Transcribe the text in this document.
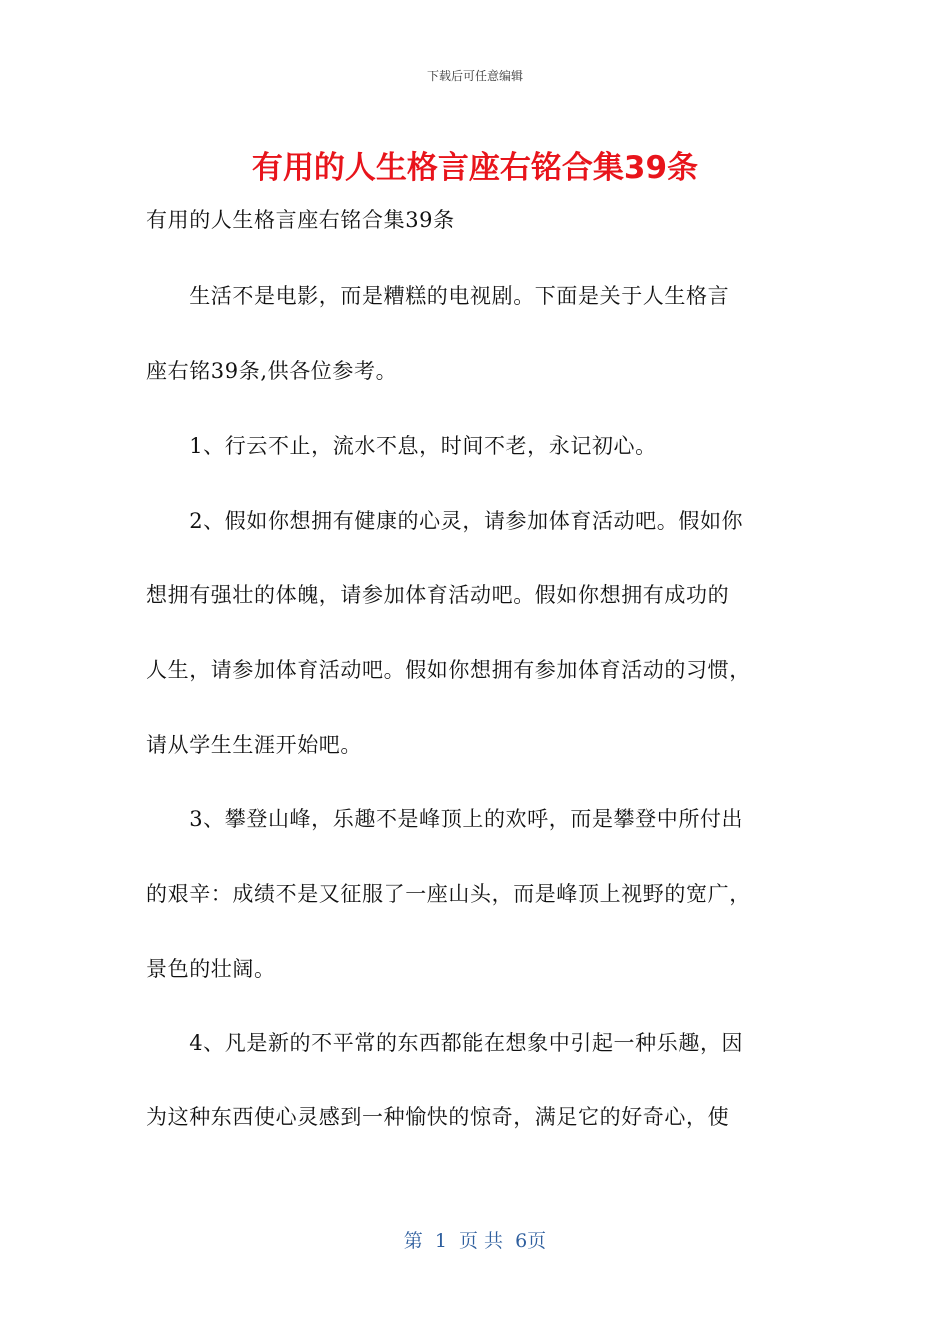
下载后可任意编辑
有用的人生格言座右铭合集39条
有用的人生格言座右铭合集39条
　　生活不是电影，而是糟糕的电视剧。下面是关于人生格言
座右铭39条,供各位参考。
　　1、行云不止，流水不息，时间不老，永记初心。
　　2、假如你想拥有健康的心灵，请参加体育活动吧。假如你
想拥有强壮的体魄，请参加体育活动吧。假如你想拥有成功的
人生，请参加体育活动吧。假如你想拥有参加体育活动的习惯，
请从学生生涯开始吧。
　　3、攀登山峰，乐趣不是峰顶上的欢呼，而是攀登中所付出
的艰辛：成绩不是又征服了一座山头，而是峰顶上视野的宽广，
景色的壮阔。
　　4、凡是新的不平常的东西都能在想象中引起一种乐趣，因
为这种东西使心灵感到一种愉快的惊奇，满足它的好奇心，使
第 1 页 共 6页
